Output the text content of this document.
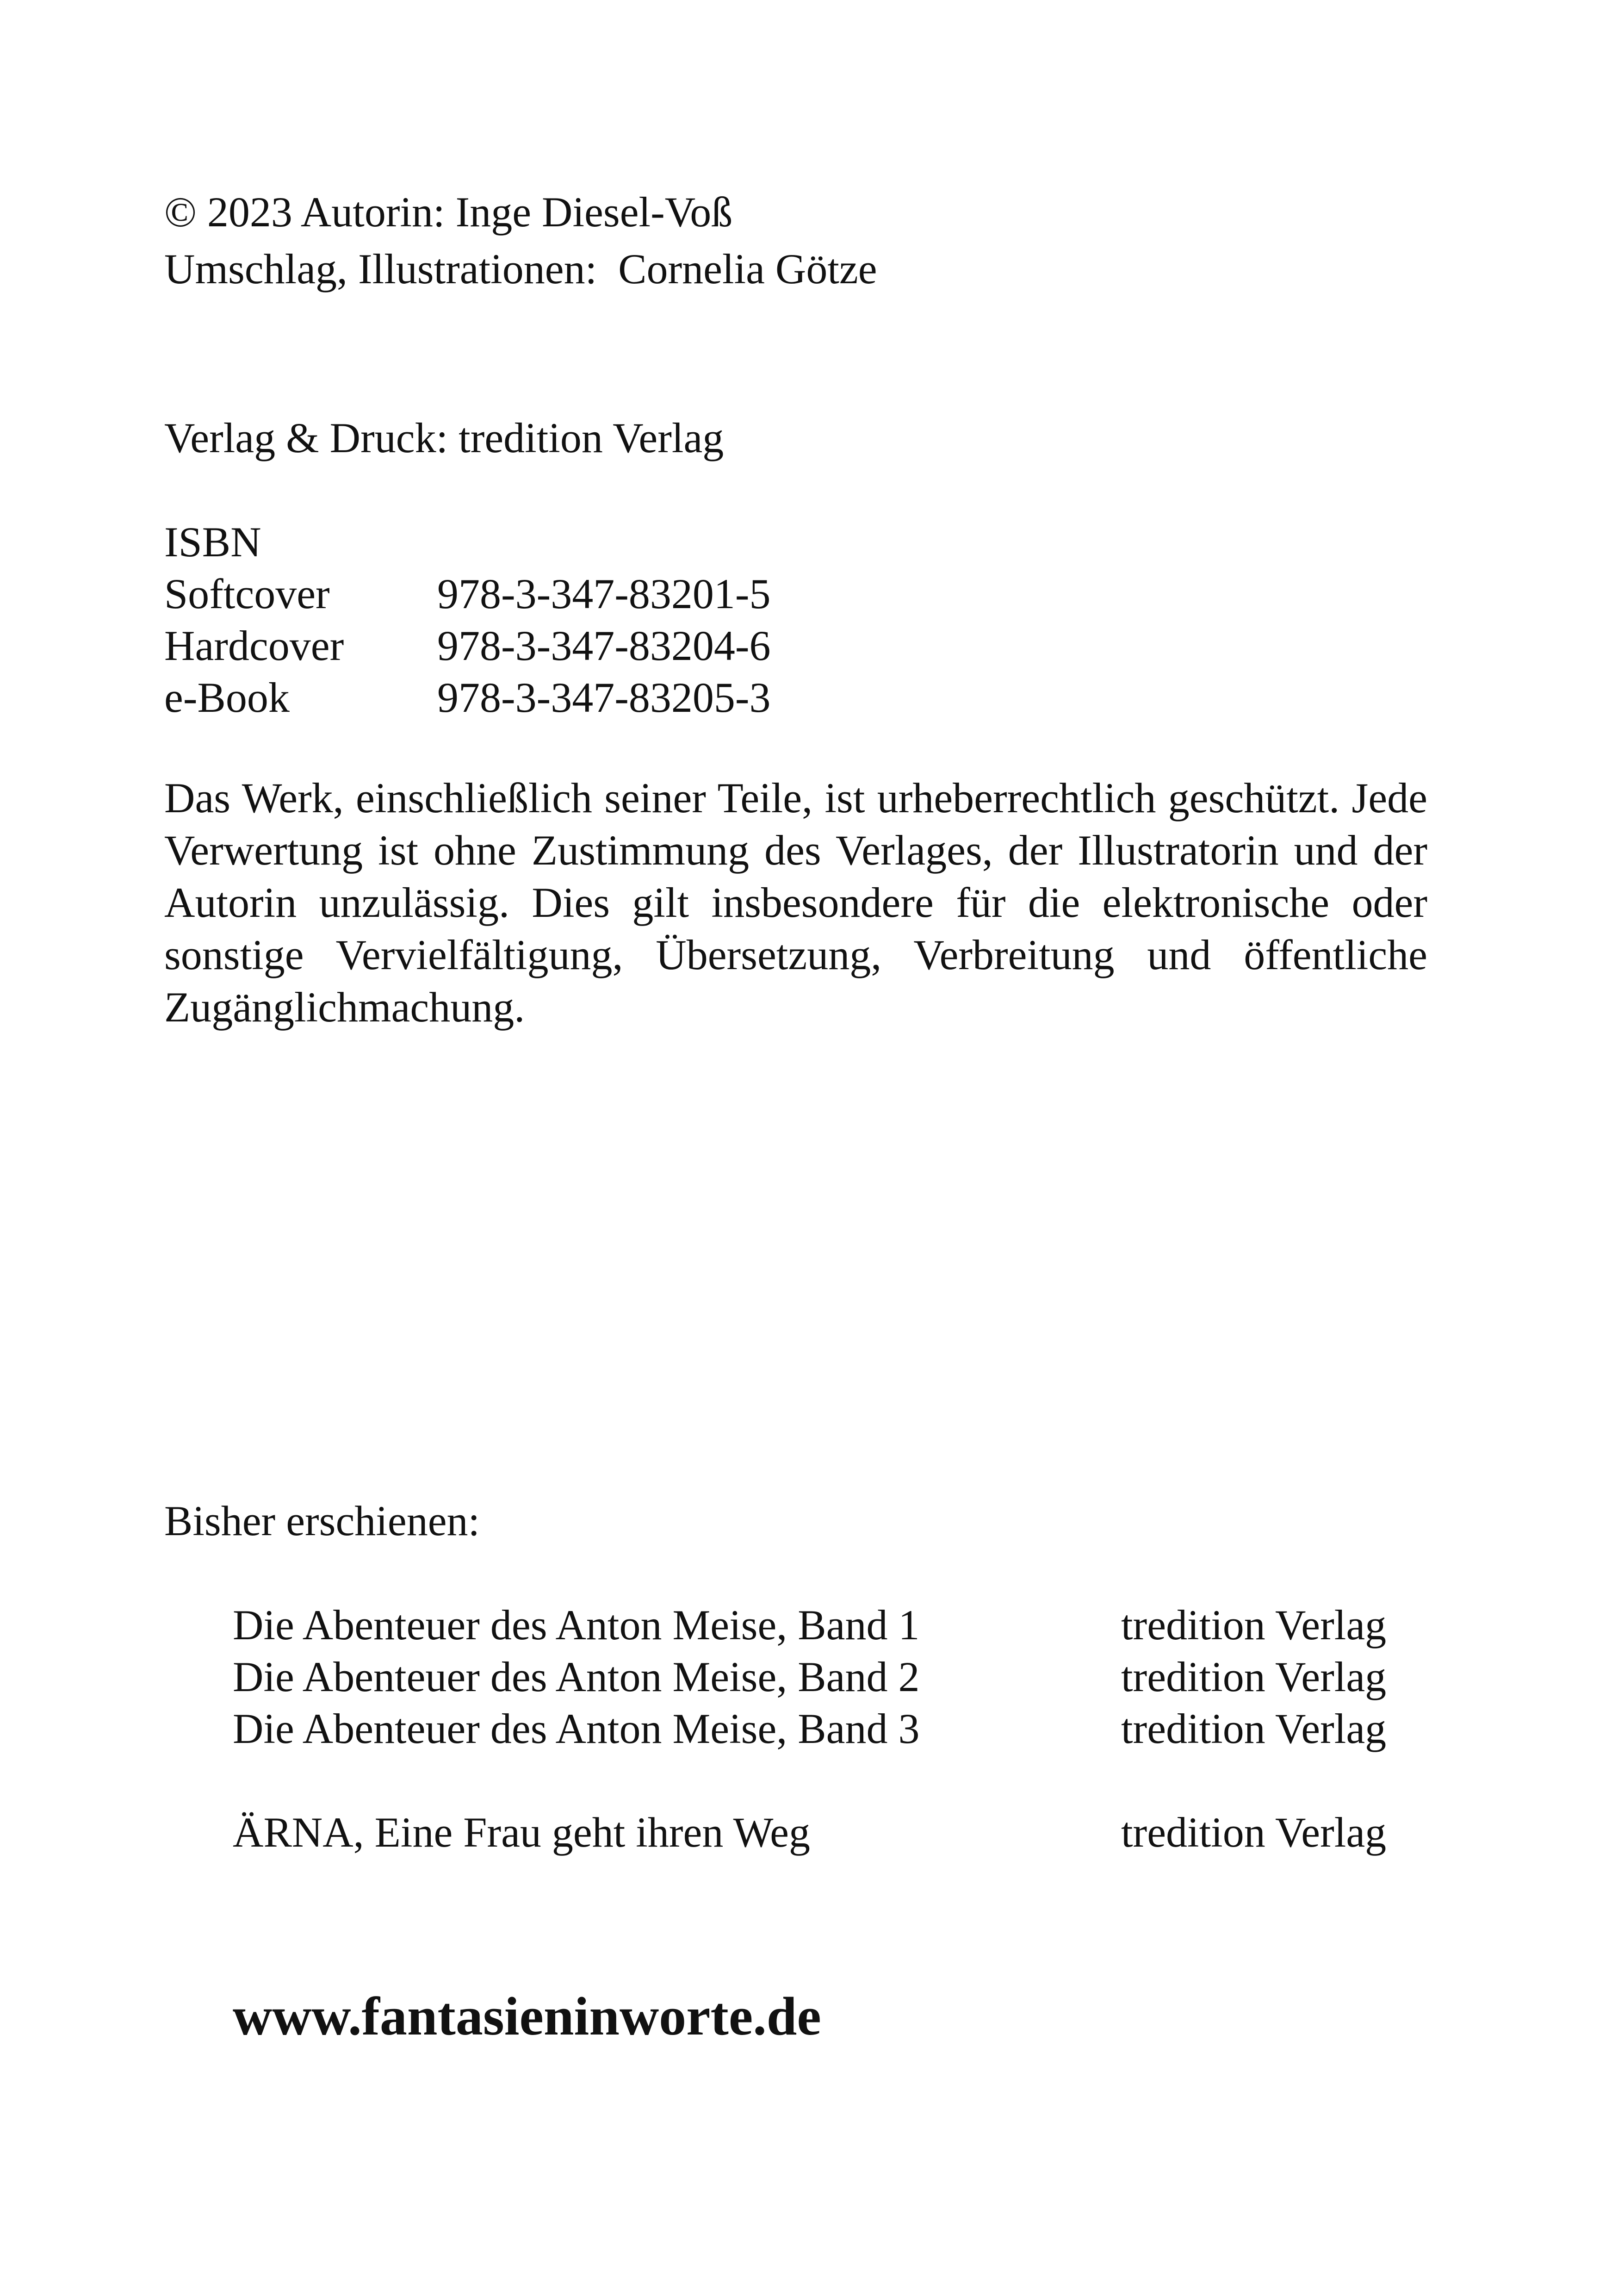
© 2023 Autorin: Inge Diesel-Voß
Umschlag, Illustrationen:  Cornelia Götze
Verlag & Druck: tredition Verlag
ISBN
Softcover	978-3-347-83201-5
Hardcover 978-3-347-83204-6
e-Book	978-3-347-83205-3
Das Werk, einschließlich seiner Teile, ist urheberrechtlich geschützt. Jede Verwertung ist ohne Zustimmung des Verlages, der Illustratorin und der Autorin unzulässig. Dies gilt insbesondere für die elektronische oder sonstige Vervielfältigung, Übersetzung, Verbreitung und öffentliche Zugänglichmachung.
Bisher erschienen:
Die Abenteuer des Anton Meise, Band 1	tredition Verlag
Die Abenteuer des Anton Meise, Band 2	tredition Verlag
Die Abenteuer des Anton Meise, Band 3	tredition Verlag
ÄRNA, Eine Frau geht ihren Weg	tredition Verlag
www.fantasieninworte.de
